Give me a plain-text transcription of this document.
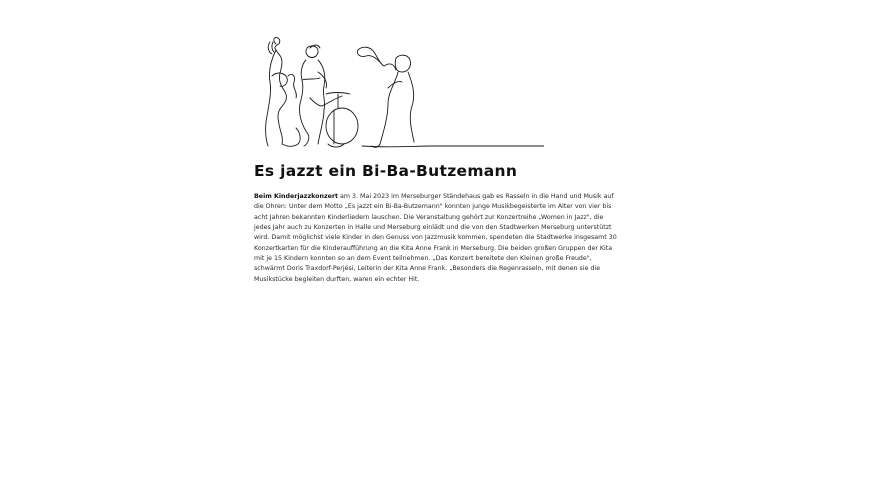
Es jazzt ein Bi-Ba-Butzemann

Beim Kinderjazzkonzert am 3. Mai 2023 im Merseburger Ständehaus gab es Rasseln in die Hand und Musik auf die Ohren: Unter dem Motto „Es jazzt ein Bi-Ba-Butzemann" konnten junge Musikbegeisterte im Alter von vier bis acht Jahren bekannten Kinderliedern lauschen. Die Veranstaltung gehört zur Konzertreihe „Women in Jazz", die jedes Jahr auch zu Konzerten in Halle und Merseburg einlädt und die von den Stadtwerken Merseburg unterstützt wird. Damit möglichst viele Kinder in den Genuss von Jazzmusik kommen, spendeten die Stadtwerke insgesamt 30 Konzertkarten für die Kinderaufführung an die Kita Anne Frank in Merseburg. Die beiden großen Gruppen der Kita mit je 15 Kindern konnten so an dem Event teilnehmen. „Das Konzert bereitete den Kleinen große Freude", schwärmt Doris Traxdorf-Perjési, Leiterin der Kita Anne Frank. „Besonders die Regenrasseln, mit denen sie die Musikstücke begleiten durften, waren ein echter Hit.
